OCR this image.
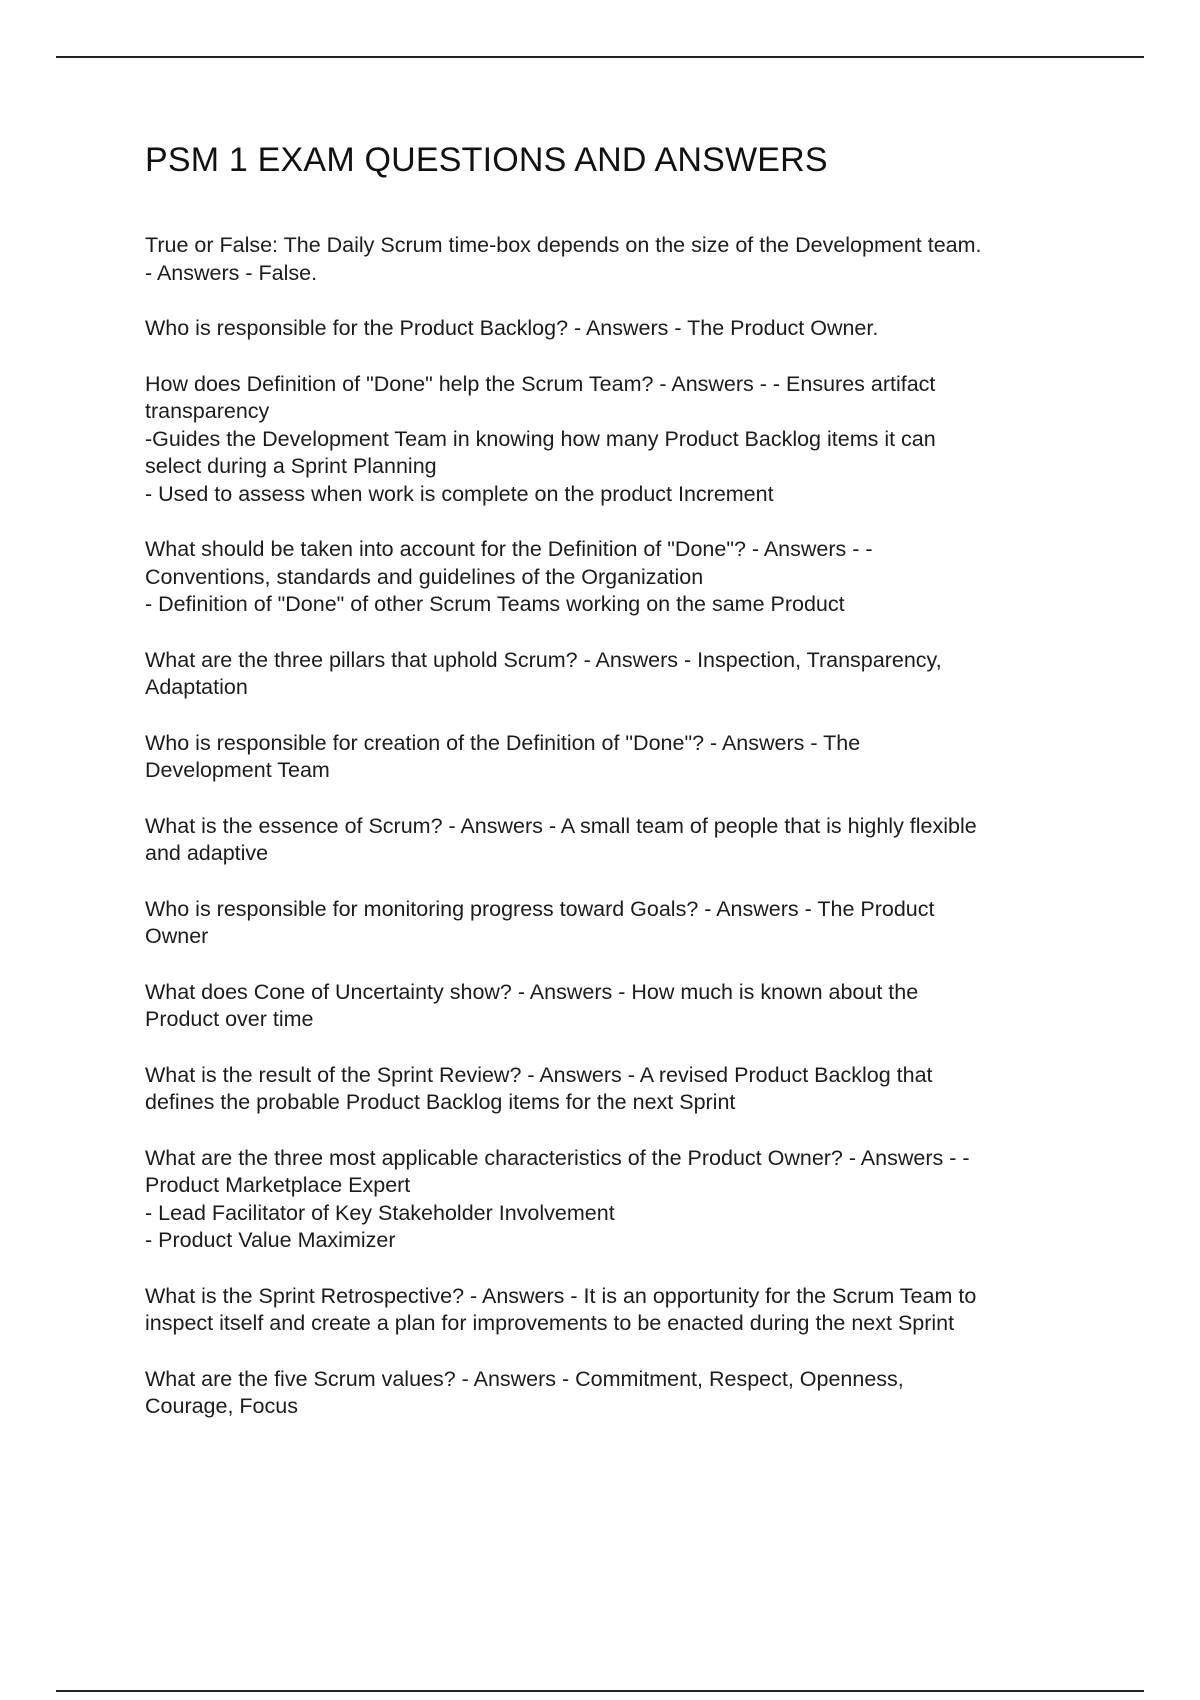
PSM 1 EXAM QUESTIONS AND ANSWERS

True or False: The Daily Scrum time-box depends on the size of the Development team.
- Answers - False.

Who is responsible for the Product Backlog? - Answers - The Product Owner.

How does Definition of "Done" help the Scrum Team? - Answers - - Ensures artifact
transparency
-Guides the Development Team in knowing how many Product Backlog items it can
select during a Sprint Planning
- Used to assess when work is complete on the product Increment

What should be taken into account for the Definition of "Done"? - Answers - -
Conventions, standards and guidelines of the Organization
- Definition of "Done" of other Scrum Teams working on the same Product

What are the three pillars that uphold Scrum? - Answers - Inspection, Transparency,
Adaptation

Who is responsible for creation of the Definition of "Done"? - Answers - The
Development Team

What is the essence of Scrum? - Answers - A small team of people that is highly flexible
and adaptive

Who is responsible for monitoring progress toward Goals? - Answers - The Product
Owner

What does Cone of Uncertainty show? - Answers - How much is known about the
Product over time

What is the result of the Sprint Review? - Answers - A revised Product Backlog that
defines the probable Product Backlog items for the next Sprint

What are the three most applicable characteristics of the Product Owner? - Answers - -
Product Marketplace Expert
- Lead Facilitator of Key Stakeholder Involvement
- Product Value Maximizer

What is the Sprint Retrospective? - Answers - It is an opportunity for the Scrum Team to
inspect itself and create a plan for improvements to be enacted during the next Sprint

What are the five Scrum values? - Answers - Commitment, Respect, Openness,
Courage, Focus
